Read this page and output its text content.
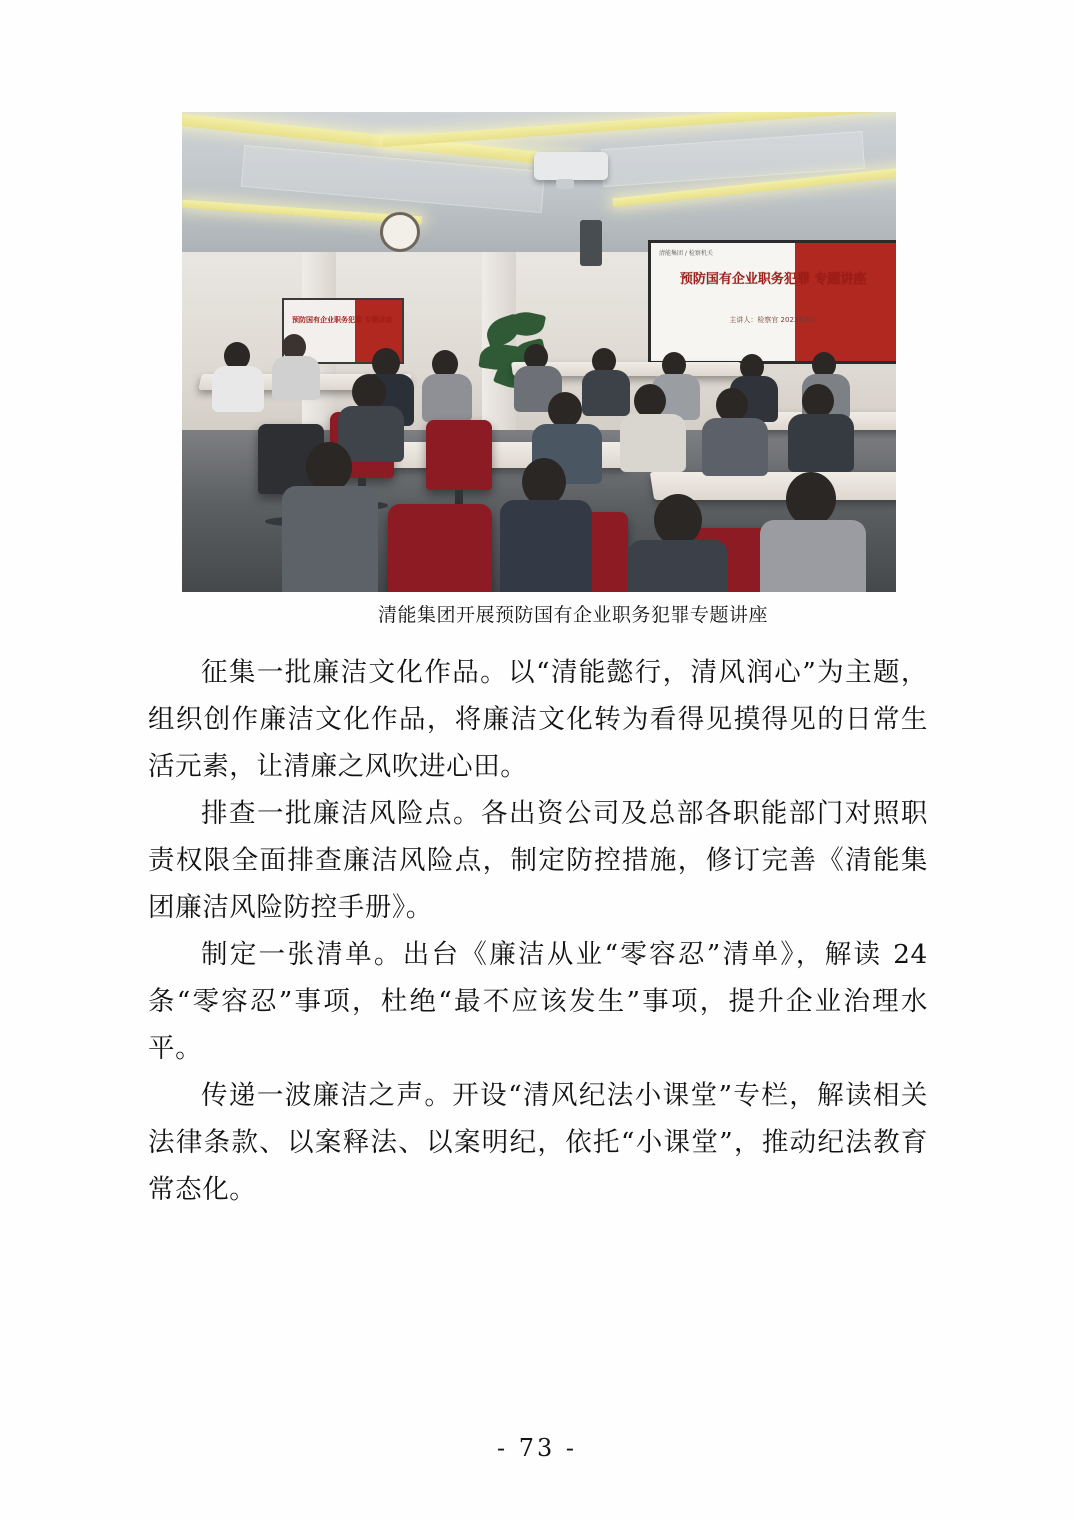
清能集团 / 检察机关
预防国有企业职务犯罪 专题讲座
主讲人：检察官 2023年6月
预防国有企业职务犯罪 专题讲座
清能集团开展预防国有企业职务犯罪专题讲座

征集一批廉洁文化作品。以“清能懿行，清风润心”为主题，组织创作廉洁文化作品，将廉洁文化转为看得见摸得见的日常生活元素，让清廉之风吹进心田。

排查一批廉洁风险点。各出资公司及总部各职能部门对照职责权限全面排查廉洁风险点，制定防控措施，修订完善《清能集团廉洁风险防控手册》。

制定一张清单。出台《廉洁从业“零容忍”清单》，解读 24 条“零容忍”事项，杜绝“最不应该发生”事项，提升企业治理水平。

传递一波廉洁之声。开设“清风纪法小课堂”专栏，解读相关法律条款、以案释法、以案明纪，依托“小课堂”，推动纪法教育常态化。

- 73 -
